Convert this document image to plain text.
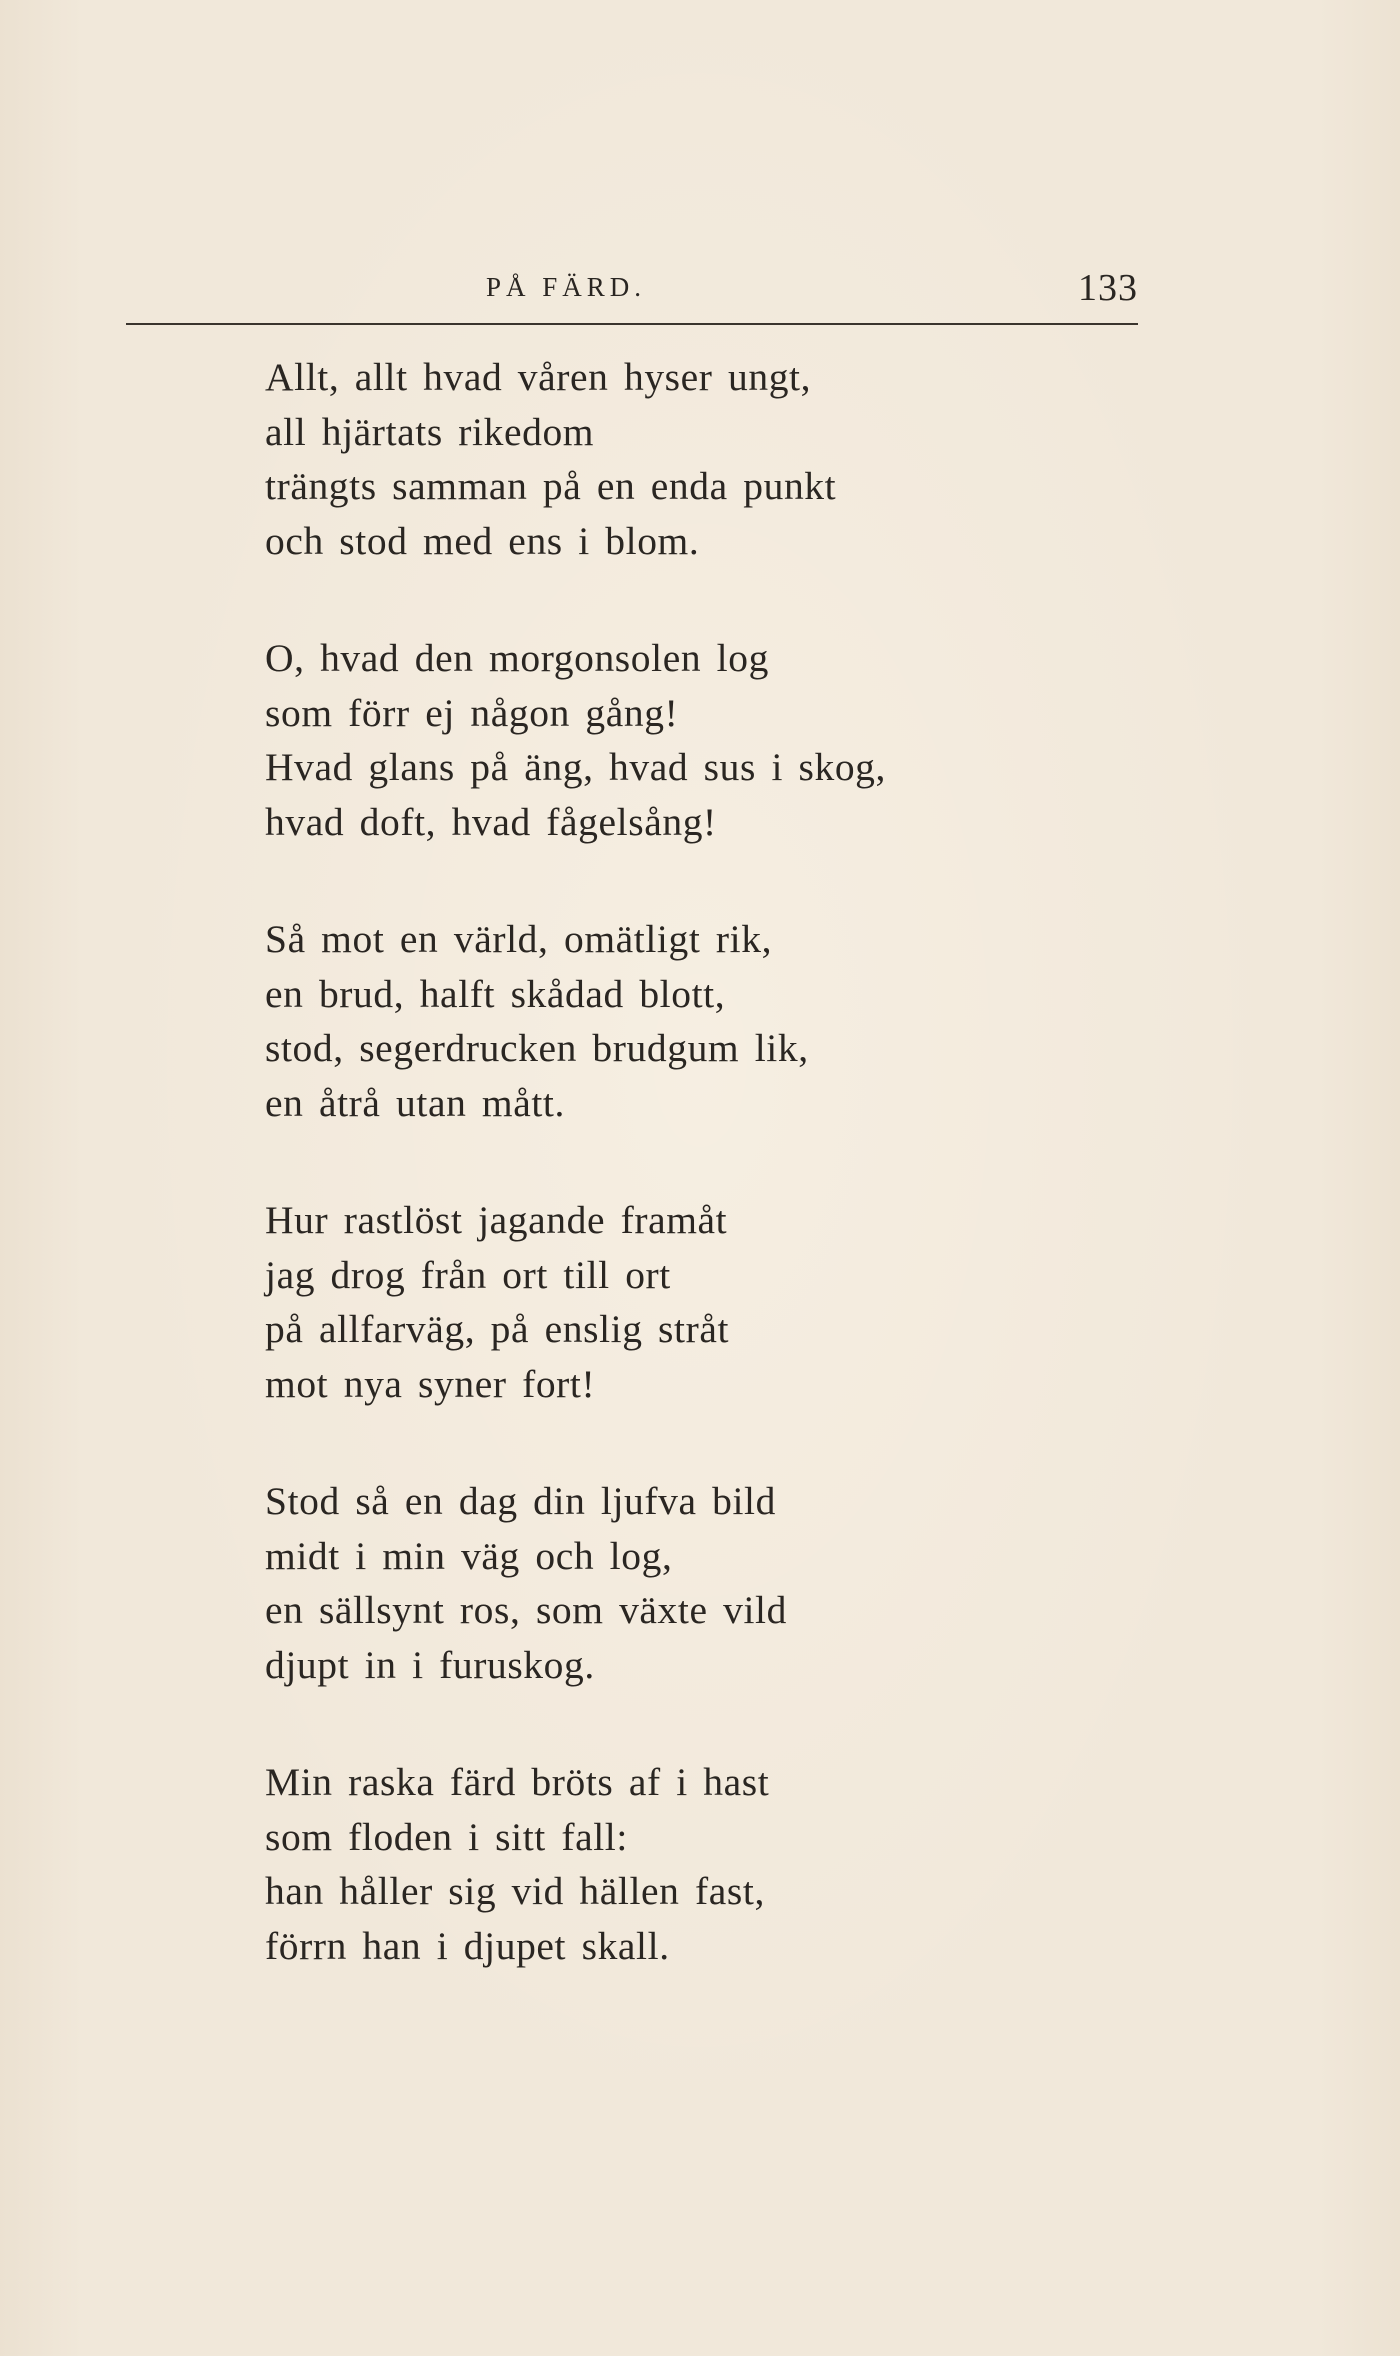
PÅ FÄRD.	133
Allt, allt hvad våren hyser ungt,
all hjärtats rikedom
trängts samman på en enda punkt
och stod med ens i blom.
O, hvad den morgonsolen log
som förr ej någon gång!
Hvad glans på äng, hvad sus i skog,
hvad doft, hvad fågelsång!
Så mot en värld, omätligt rik,
en brud, halft skådad blott,
stod, segerdrucken brudgum lik,
en åtrå utan mått.
Hur rastlöst jagande framåt
jag drog från ort till ort
på allfarväg, på enslig stråt
mot nya syner fort!
Stod så en dag din ljufva bild
midt i min väg och log,
en sällsynt ros, som växte vild
djupt in i furuskog.
Min raska färd bröts af i hast
som floden i sitt fall:
han håller sig vid hällen fast,
förrn han i djupet skall.
